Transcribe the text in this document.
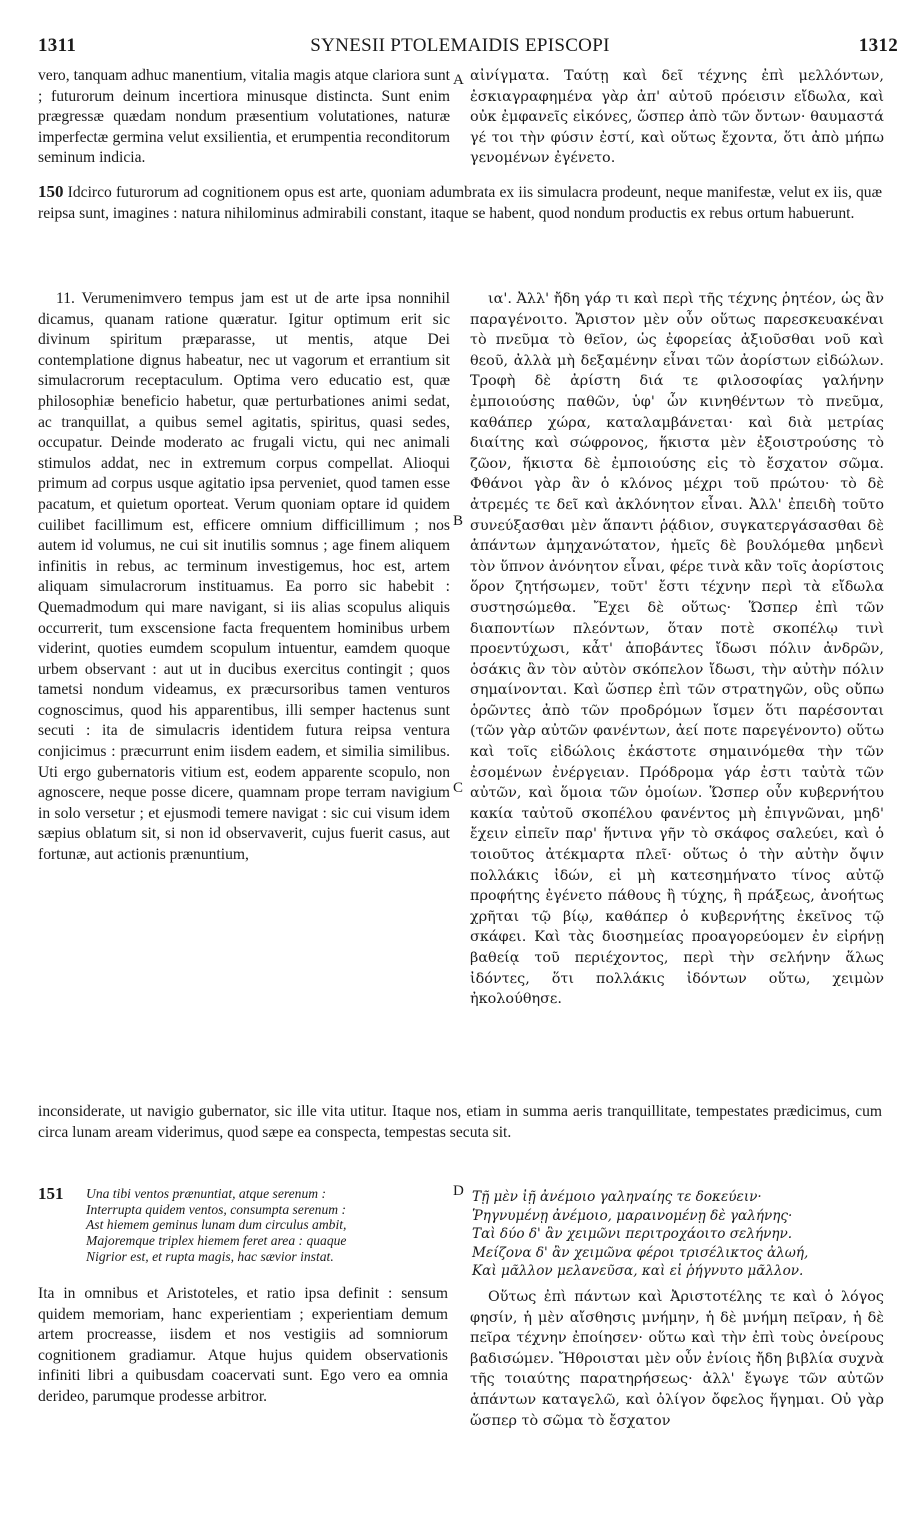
1311	SYNESII PTOLEMAIDIS EPISCOPI	1312

vero, tanquam adhuc manentium, vitalia magis atque clariora sunt ; futurorum deinum incertiora minusque distincta. Sunt enim prægressæ quædam nondum præsentium volutationes, naturæ imperfectæ germina velut exsilientia, et erumpentia reconditorum seminum indicia.

A αἰνίγματα. Ταύτῃ καὶ δεῖ τέχνης ἐπὶ μελλόντων, ἐσκιαγραφημένα γὰρ ἀπ' αὐτοῦ πρόεισιν εἴδωλα, καὶ οὐκ ἐμφανεῖς εἰκόνες, ὥσπερ ἀπὸ τῶν ὄντων· θαυμαστά γέ τοι τὴν φύσιν ἐστί, καὶ οὕτως ἔχοντα, ὅτι ἀπὸ μήπω γενομένων ἐγένετο.

150 Idcirco futurorum ad cognitionem opus est arte, quoniam adumbrata ex iis simulacra prodeunt, neque manifestæ, velut ex iis, quæ reipsa sunt, imagines : natura nihilominus admirabili constant, itaque se habent, quod nondum productis ex rebus ortum habuerunt.

11. Verumenimvero tempus jam est ut de arte ipsa nonnihil dicamus, quanam ratione quæratur. Igitur optimum erit sic divinum spiritum præparasse, ut mentis, atque Dei contemplatione dignus habeatur, nec ut vagorum et errantium sit simulacrorum receptaculum. Optima vero educatio est, quæ philosophiæ beneficio habetur, quæ perturbationes animi sedat, ac tranquillat, a quibus semel agitatis, spiritus, quasi sedes, occupatur. Deinde moderato ac frugali victu, qui nec animali stimulos addat, nec in extremum corpus compellat. Alioqui primum ad corpus usque agitatio ipsa perveniet, quod tamen esse pacatum, et quietum oporteat. Verum quoniam optare id quidem cuilibet facillimum est, efficere omnium difficillimum ; nos autem id volumus, ne cui sit inutilis somnus ; age finem aliquem infinitis in rebus, ac terminum investigemus, hoc est, artem aliquam simulacrorum instituamus. Ea porro sic habebit : Quemadmodum qui mare navigant, si iis alias scopulus aliquis occurrerit, tum exscensione facta frequentem hominibus urbem viderint, quoties eumdem scopulum intuentur, eamdem quoque urbem observant : aut ut in ducibus exercitus contingit ; quos tametsi nondum videamus, ex præcursoribus tamen venturos cognoscimus, quod his apparentibus, illi semper hactenus sunt secuti : ita de simulacris identidem futura reipsa ventura conjicimus : præcurrunt enim iisdem eadem, et similia similibus. Uti ergo gubernatoris vitium est, eodem apparente scopulo, non agnoscere, neque posse dicere, quamnam prope terram navigium in solo versetur ; et ejusmodi temere navigat : sic cui visum idem sæpius oblatum sit, si non id observaverit, cujus fuerit casus, aut fortunæ, aut actionis prænuntium,

B
C

ια'. Ἀλλ' ἤδη γάρ τι καὶ περὶ τῆς τέχνης ῥητέον, ὡς ἂν παραγένοιτο. Ἄριστον μὲν οὖν οὕτως παρεσκευακέναι τὸ πνεῦμα τὸ θεῖον, ὡς ἐφορείας ἀξιοῦσθαι νοῦ καὶ θεοῦ, ἀλλὰ μὴ δεξαμένην εἶναι τῶν ἀορίστων εἰδώλων. Τροφὴ δὲ ἀρίστη διά τε φιλοσοφίας γαλήνην ἐμποιούσης παθῶν, ὑφ' ὧν κινηθέντων τὸ πνεῦμα, καθάπερ χώρα, καταλαμβάνεται· καὶ διὰ μετρίας διαίτης καὶ σώφρονος, ἥκιστα μὲν ἐξοιστρούσης τὸ ζῶον, ἥκιστα δὲ ἐμποιούσης εἰς τὸ ἔσχατον σῶμα. Φθάνοι γὰρ ἂν ὁ κλόνος μέχρι τοῦ πρώτου· τὸ δὲ ἀτρεμές τε δεῖ καὶ ἀκλόνητον εἶναι. Ἀλλ' ἐπειδὴ τοῦτο συνεύξασθαι μὲν ἅπαντι ῥᾴδιον, συγκατεργάσασθαι δὲ ἁπάντων ἀμηχανώτατον, ἡμεῖς δὲ βουλόμεθα μηδενὶ τὸν ὕπνον ἀνόνητον εἶναι, φέρε τινὰ κἂν τοῖς ἀορίστοις ὅρον ζητήσωμεν, τοῦτ' ἔστι τέχνην περὶ τὰ εἴδωλα συστησώμεθα. Ἔχει δὲ οὕτως· Ὥσπερ ἐπὶ τῶν διαποντίων πλεόντων, ὅταν ποτὲ σκοπέλῳ τινὶ προεντύχωσι, κἆτ' ἀποβάντες ἴδωσι πόλιν ἀνδρῶν, ὁσάκις ἂν τὸν αὐτὸν σκόπελον ἴδωσι, τὴν αὐτὴν πόλιν σημαίνονται. Καὶ ὥσπερ ἐπὶ τῶν στρατηγῶν, οὓς οὔπω ὁρῶντες ἀπὸ τῶν προδρόμων ἴσμεν ὅτι παρέσονται (τῶν γὰρ αὐτῶν φανέντων, ἀεί ποτε παρεγένοντο) οὕτω καὶ τοῖς εἰδώλοις ἑκάστοτε σημαινόμεθα τὴν τῶν ἐσομένων ἐνέργειαν. Πρόδρομα γάρ ἐστι ταὐτὰ τῶν αὐτῶν, καὶ ὅμοια τῶν ὁμοίων. Ὥσπερ οὖν κυβερνήτου κακία ταὐτοῦ σκοπέλου φανέντος μὴ ἐπιγνῶναι, μηδ' ἔχειν εἰπεῖν παρ' ἥντινα γῆν τὸ σκάφος σαλεύει, καὶ ὁ τοιοῦτος ἀτέκμαρτα πλεῖ· οὕτως ὁ τὴν αὐτὴν ὄψιν πολλάκις ἰδών, εἰ μὴ κατεσημήνατο τίνος αὐτῷ προφήτης ἐγένετο πάθους ἢ τύχης, ἢ πράξεως, ἀνοήτως χρῆται τῷ βίῳ, καθάπερ ὁ κυβερνήτης ἐκεῖνος τῷ σκάφει. Καὶ τὰς διοσημείας προαγορεύομεν ἐν εἰρήνῃ βαθείᾳ τοῦ περιέχοντος, περὶ τὴν σελήνην ἅλως ἰδόντες, ὅτι πολλάκις ἰδόντων οὕτω, χειμὼν ἠκολούθησε.

inconsiderate, ut navigio gubernator, sic ille vita utitur. Itaque nos, etiam in summa aeris tranquillitate, tempestates prædicimus, cum circa lunam aream viderimus, quod sæpe ea conspecta, tempestas secuta sit.

151 Una tibi ventos prænuntiat, atque serenum :
Interrupta quidem ventos, consumpta serenum :
Ast hiemem geminus lunam dum circulus ambit,
Majoremque triplex hiemem feret area : quaque
Nigrior est, et rupta magis, hac sævior instat.
D Τῇ μὲν ἰῇ ἀνέμοιο γαληναίης τε δοκεύειν·
Ῥηγνυμένῃ ἀνέμοιο, μαραινομένῃ δὲ γαλήνης·
Ταὶ δύο δ' ἂν χειμῶνι περιτροχάοιτο σελήνην.
Μείζονα δ' ἂν χειμῶνα φέροι τρισέλικτος ἀλωή,
Καὶ μᾶλλον μελανεῦσα, καὶ εἰ ῥήγνυτο μᾶλλον.

Ita in omnibus et Aristoteles, et ratio ipsa definit : sensum quidem memoriam, hanc experientiam ; experientiam demum artem procreasse, iisdem et nos vestigiis ad somniorum cognitionem gradiamur. Atque hujus quidem observationis infiniti libri a quibusdam coacervati sunt. Ego vero ea omnia derideo, parumque prodesse arbitror.

Οὕτως ἐπὶ πάντων καὶ Ἀριστοτέλης τε καὶ ὁ λόγος φησίν, ἡ μὲν αἴσθησις μνήμην, ἡ δὲ μνήμη πεῖραν, ἡ δὲ πεῖρα τέχνην ἐποίησεν· οὕτω καὶ τὴν ἐπὶ τοὺς ὀνείρους βαδισώμεν. Ἤθροισται μὲν οὖν ἐνίοις ἤδη βιβλία συχνὰ τῆς τοιαύτης παρατηρήσεως· ἀλλ' ἔγωγε τῶν αὐτῶν ἁπάντων καταγελῶ, καὶ ὀλίγον ὄφελος ἥγημαι. Οὐ γὰρ ὥσπερ τὸ σῶμα τὸ ἔσχατον
